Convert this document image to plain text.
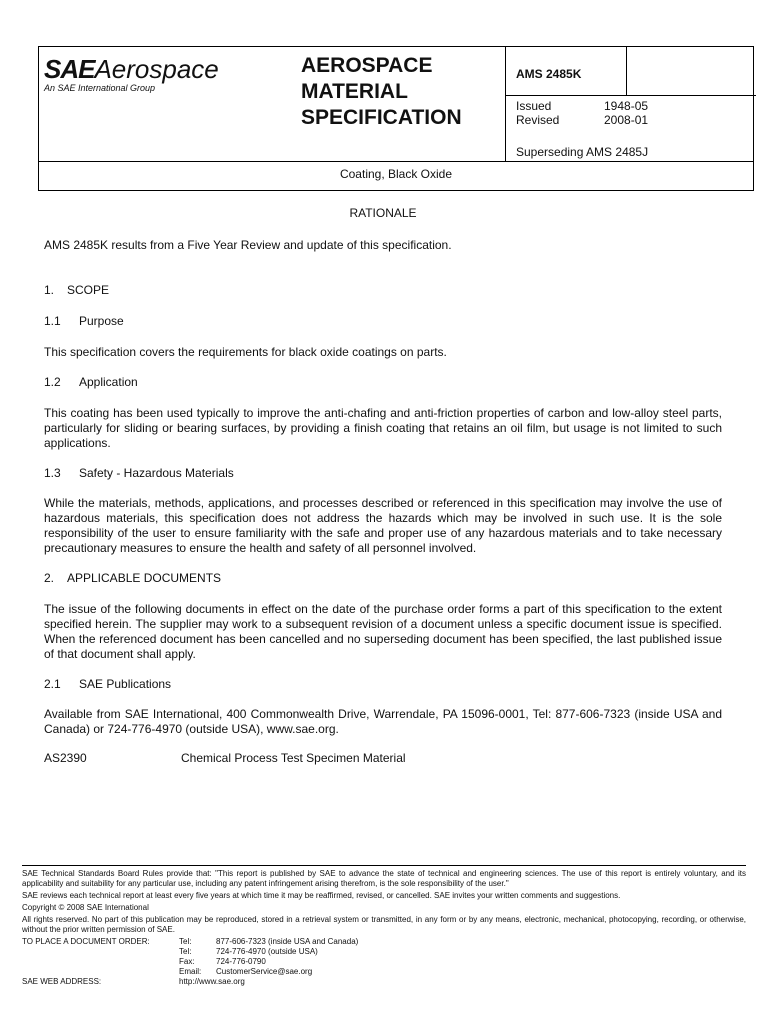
SAEAerospace
An SAE International Group
AEROSPACE
MATERIAL
SPECIFICATION
AMS 2485K
Issued	1948-05
Revised	2008-01
Superseding AMS 2485J
Coating, Black Oxide
RATIONALE
AMS 2485K results from a Five Year Review and update of this specification.
1. SCOPE
1.1 Purpose
This specification covers the requirements for black oxide coatings on parts.
1.2 Application
This coating has been used typically to improve the anti-chafing and anti-friction properties of carbon and low-alloy steel parts, particularly for sliding or bearing surfaces, by providing a finish coating that retains an oil film, but usage is not limited to such applications.
1.3 Safety - Hazardous Materials
While the materials, methods, applications, and processes described or referenced in this specification may involve the use of hazardous materials, this specification does not address the hazards which may be involved in such use. It is the sole responsibility of the user to ensure familiarity with the safe and proper use of any hazardous materials and to take necessary precautionary measures to ensure the health and safety of all personnel involved.
2. APPLICABLE DOCUMENTS
The issue of the following documents in effect on the date of the purchase order forms a part of this specification to the extent specified herein. The supplier may work to a subsequent revision of a document unless a specific document issue is specified. When the referenced document has been cancelled and no superseding document has been specified, the last published issue of that document shall apply.
2.1 SAE Publications
Available from SAE International, 400 Commonwealth Drive, Warrendale, PA 15096-0001, Tel: 877-606-7323 (inside USA and Canada) or 724-776-4970 (outside USA), www.sae.org.
AS2390	Chemical Process Test Specimen Material

SAE Technical Standards Board Rules provide that: "This report is published by SAE to advance the state of technical and engineering sciences. The use of this report is entirely voluntary, and its applicability and suitability for any particular use, including any patent infringement arising therefrom, is the sole responsibility of the user."

SAE reviews each technical report at least every five years at which time it may be reaffirmed, revised, or cancelled. SAE invites your written comments and suggestions.

Copyright © 2008 SAE International

All rights reserved. No part of this publication may be reproduced, stored in a retrieval system or transmitted, in any form or by any means, electronic, mechanical, photocopying, recording, or otherwise, without the prior written permission of SAE.

TO PLACE A DOCUMENT ORDER:	Tel:	877-606-7323 (inside USA and Canada)
Tel:	724-776-4970 (outside USA)
Fax:	724-776-0790
Email: CustomerService@sae.org
SAE WEB ADDRESS:	http://www.sae.org
